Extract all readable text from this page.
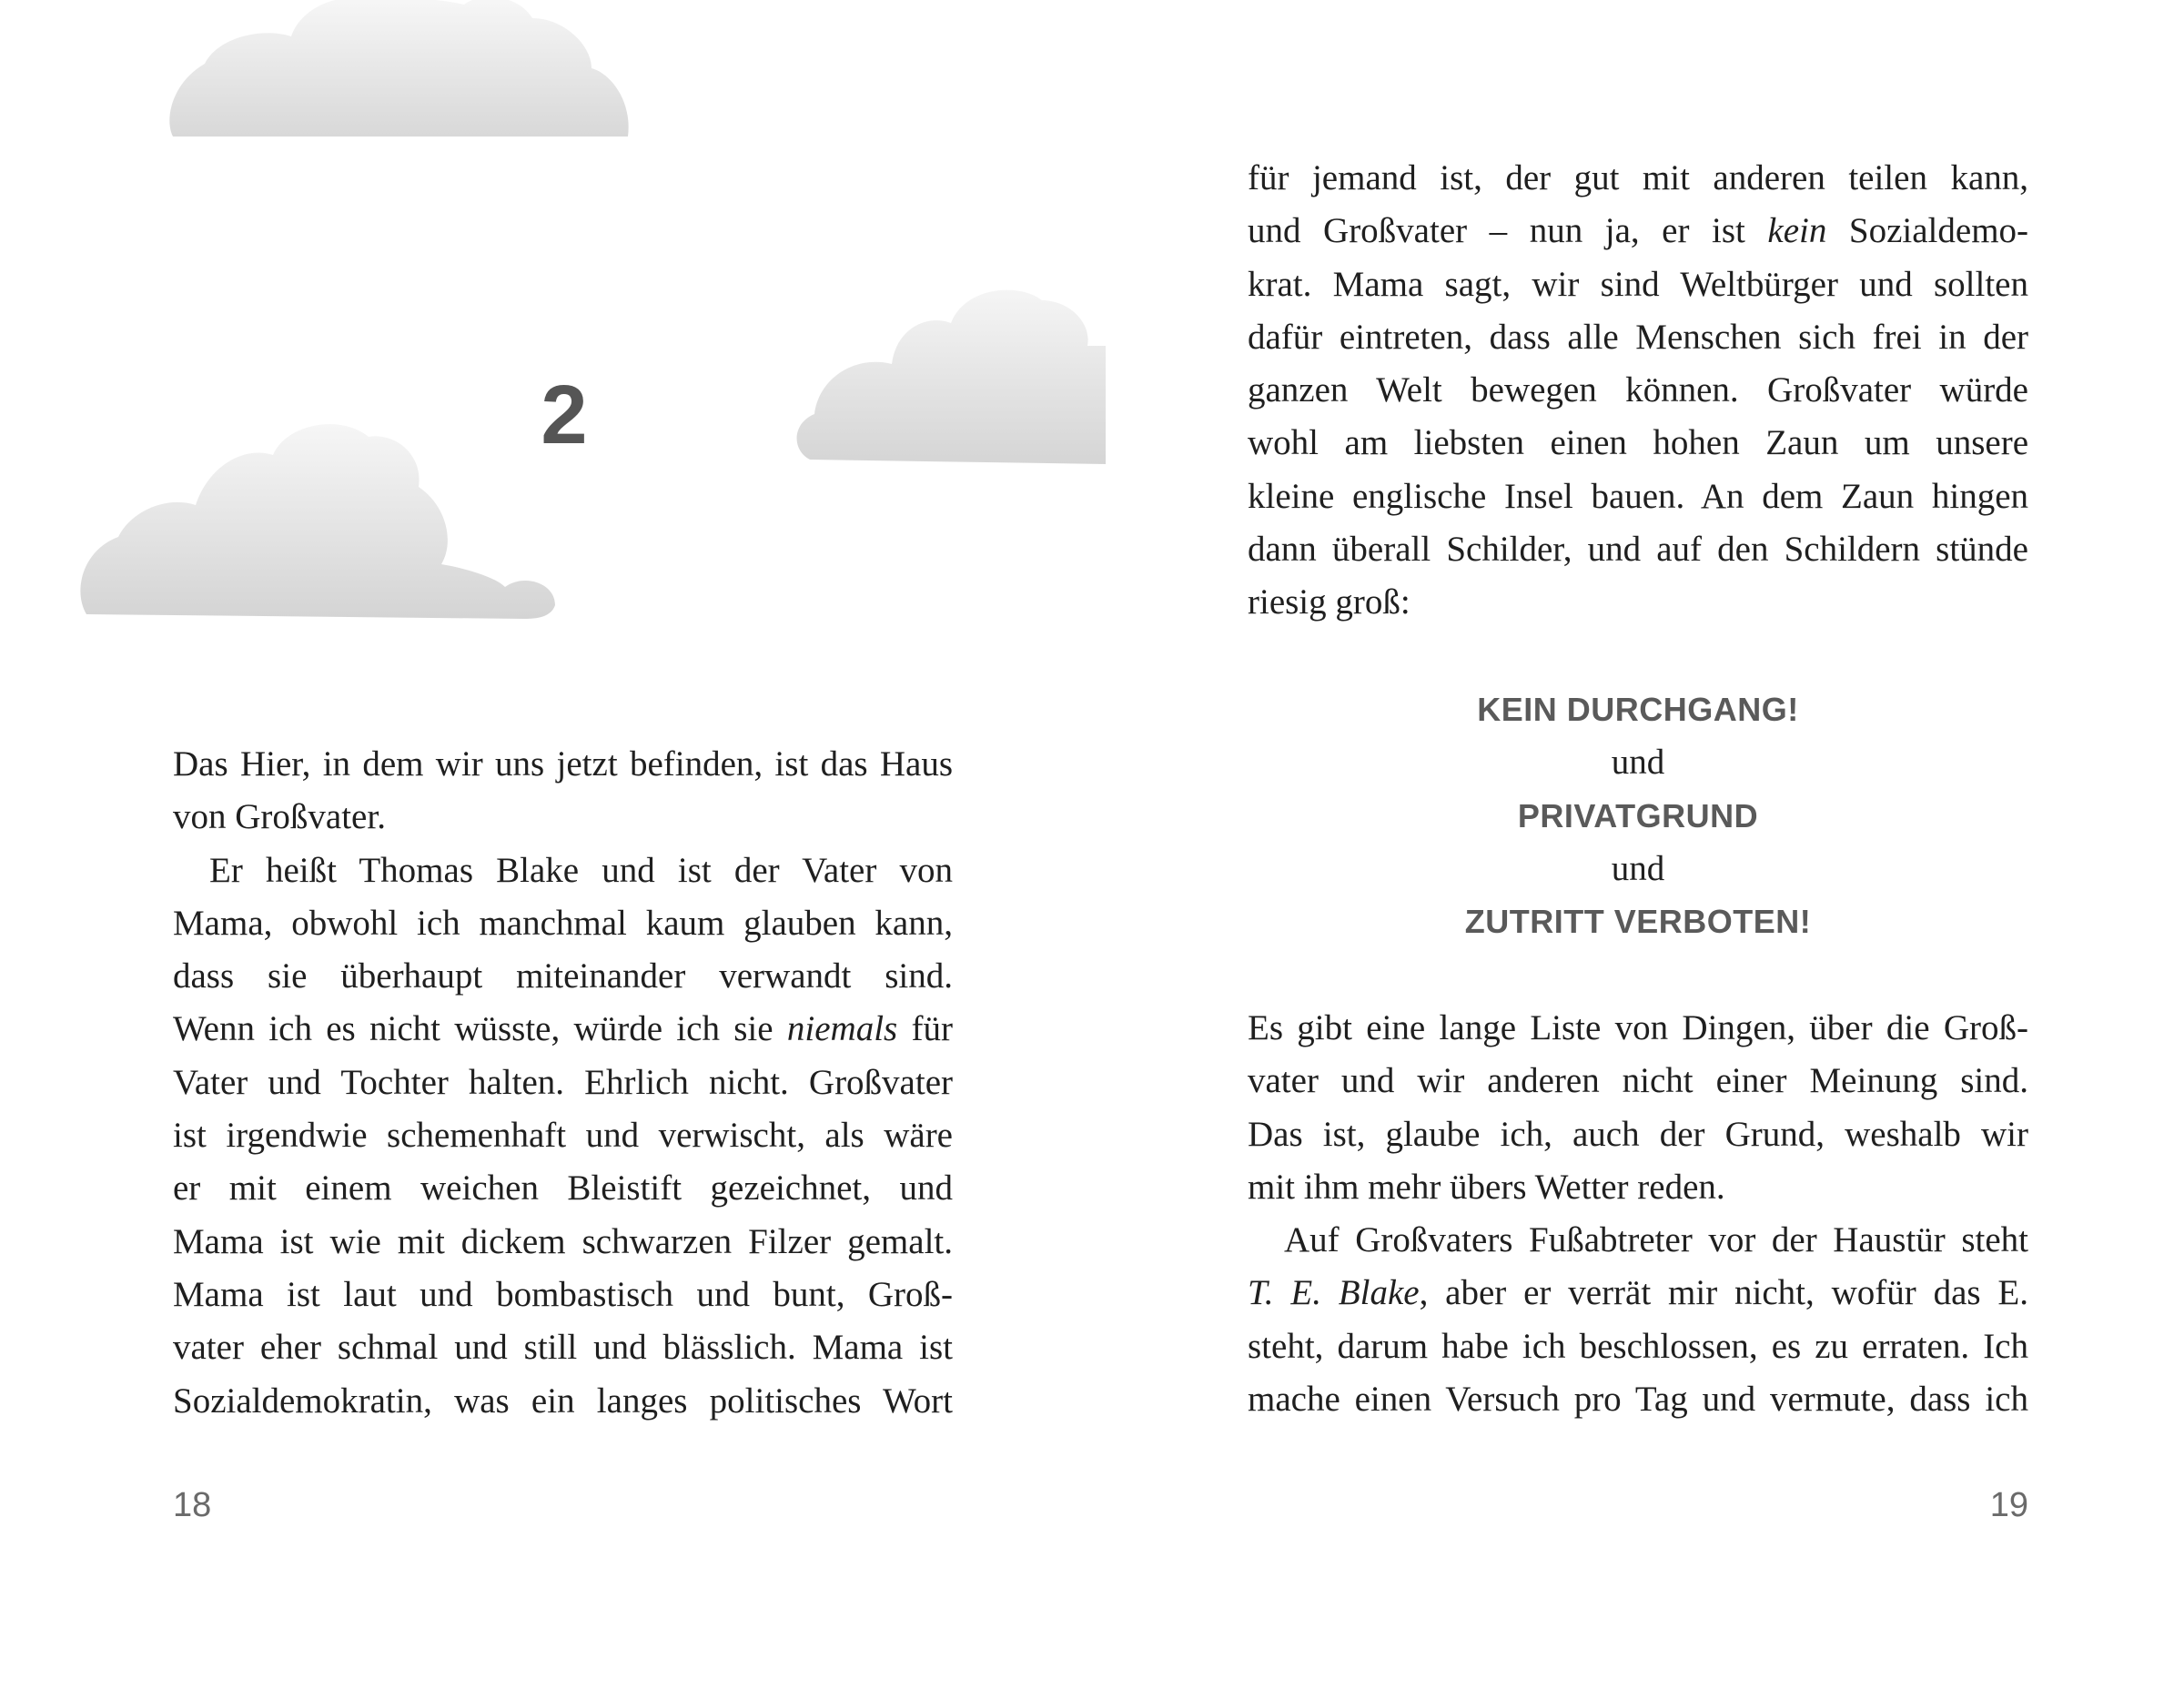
2
Das Hier, in dem wir uns jetzt befinden, ist das Haus
von Großvater.
Er heißt Thomas Blake und ist der Vater von
Mama, obwohl ich manchmal kaum glauben kann,
dass sie überhaupt miteinander verwandt sind.
Wenn ich es nicht wüsste, würde ich sie niemals für
Vater und Tochter halten. Ehrlich nicht. Großvater
ist irgendwie schemenhaft und verwischt, als wäre
er mit einem weichen Bleistift gezeichnet, und
Mama ist wie mit dickem schwarzen Filzer gemalt.
Mama ist laut und bombastisch und bunt, Groß-
vater eher schmal und still und blässlich. Mama ist
Sozialdemokratin, was ein langes politisches Wort
für jemand ist, der gut mit anderen teilen kann,
und Großvater – nun ja, er ist kein Sozialdemo-
krat. Mama sagt, wir sind Weltbürger und sollten
dafür eintreten, dass alle Menschen sich frei in der
ganzen Welt bewegen können. Großvater würde
wohl am liebsten einen hohen Zaun um unsere
kleine englische Insel bauen. An dem Zaun hingen
dann überall Schilder, und auf den Schildern stünde
riesig groß:
KEIN DURCHGANG!
und
PRIVATGRUND
und
ZUTRITT VERBOTEN!
Es gibt eine lange Liste von Dingen, über die Groß-
vater und wir anderen nicht einer Meinung sind.
Das ist, glaube ich, auch der Grund, weshalb wir
mit ihm mehr übers Wetter reden.
Auf Großvaters Fußabtreter vor der Haustür steht
T. E. Blake, aber er verrät mir nicht, wofür das E.
steht, darum habe ich beschlossen, es zu erraten. Ich
mache einen Versuch pro Tag und vermute, dass ich
18	19
